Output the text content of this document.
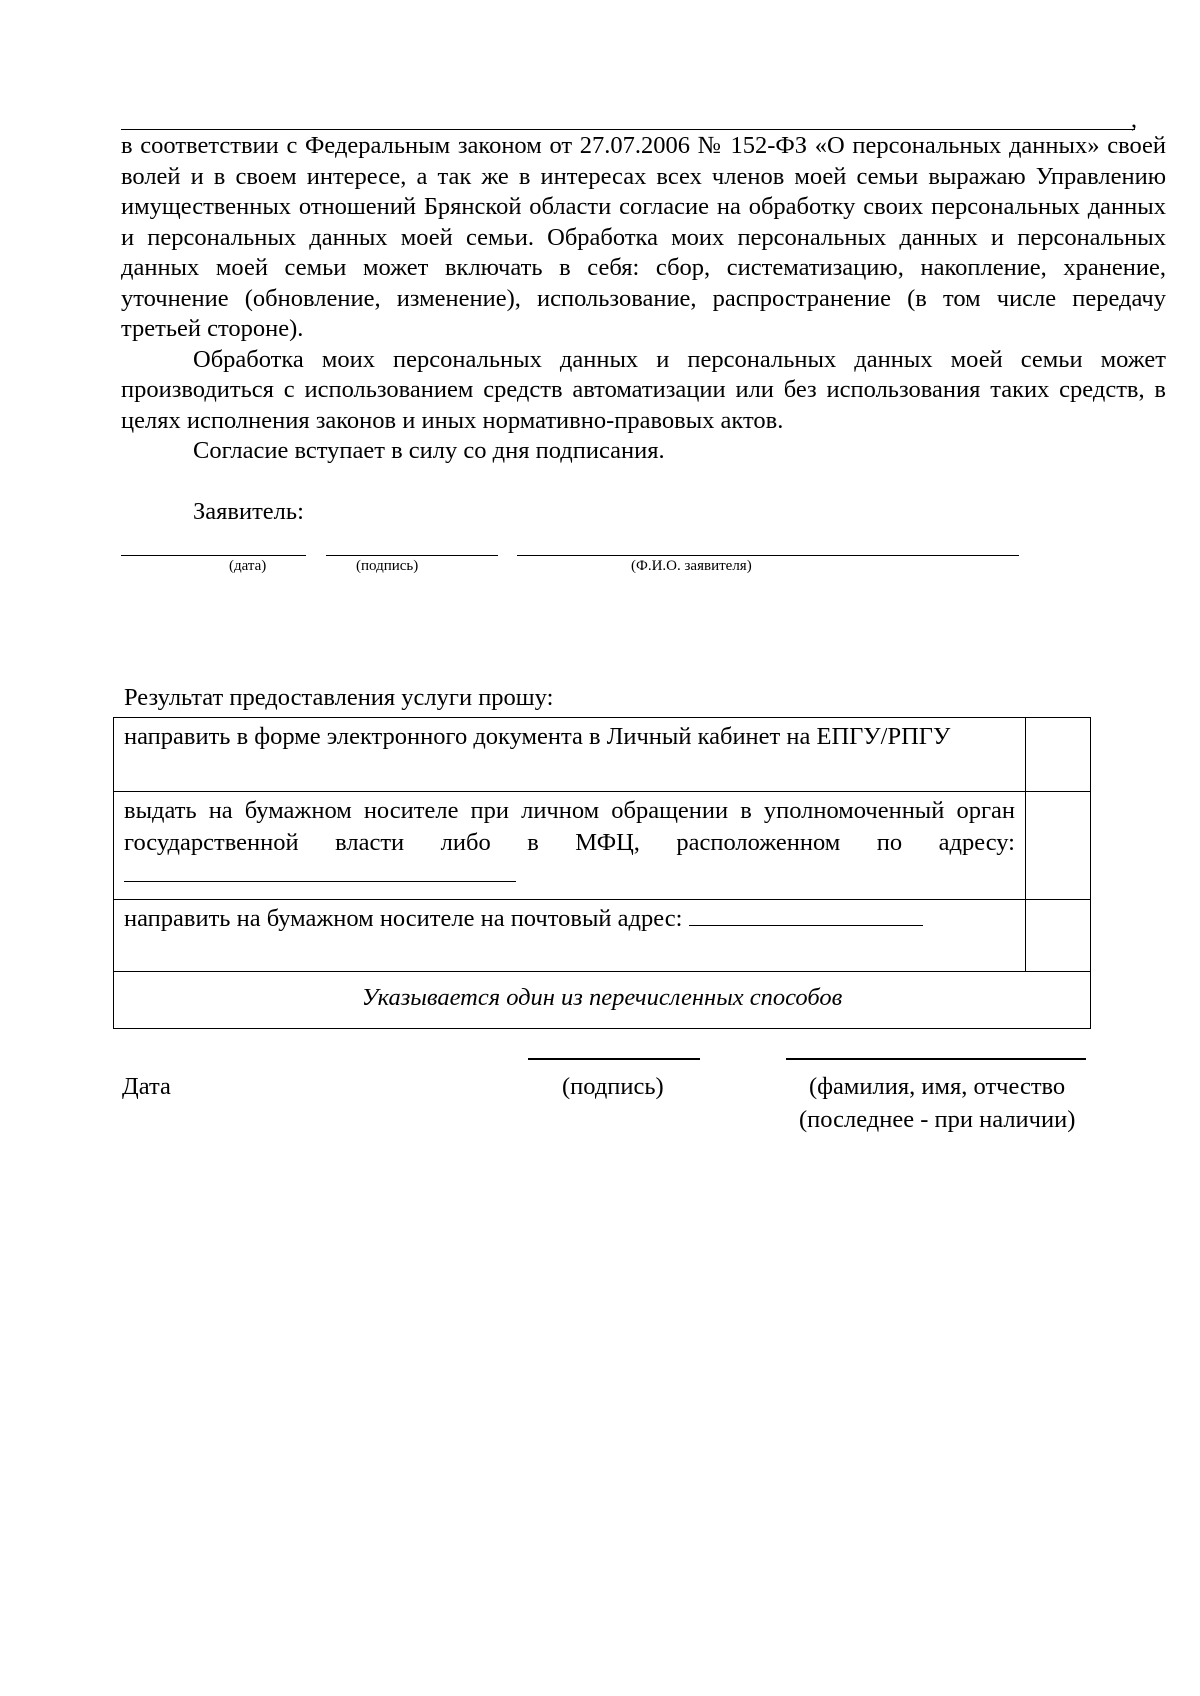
,

в соответствии с Федеральным законом от 27.07.2006 № 152-ФЗ «О персональных данных» своей волей и в своем интересе, а так же в интересах всех членов моей семьи выражаю Управлению имущественных отношений Брянской области согласие на обработку своих персональных данных и персональных данных моей семьи. Обработка моих персональных данных и персональных данных моей семьи может включать в себя: сбор, систематизацию, накопление, хранение, уточнение (обновление, изменение), использование, распространение (в том числе передачу третьей стороне).

Обработка моих персональных данных и персональных данных моей семьи может производиться с использованием средств автоматизации или без использования таких средств, в целях исполнения законов и иных нормативно-правовых актов.

Согласие вступает в силу со дня подписания.

Заявитель:
(дата)	(подпись)	(Ф.И.О. заявителя)
Результат предоставления услуги прошу:
направить в форме электронного документа в Личный кабинет на ЕПГУ/РПГУ	
выдать на бумажном носителе при личном обращении в уполномоченный орган государственной власти либо в МФЦ, расположенном по адресу:	
направить на бумажном носителе на почтовый адрес:	
Указывается один из перечисленных способов	
Дата	(подпись)	(фамилия, имя, отчество
(последнее - при наличии)
